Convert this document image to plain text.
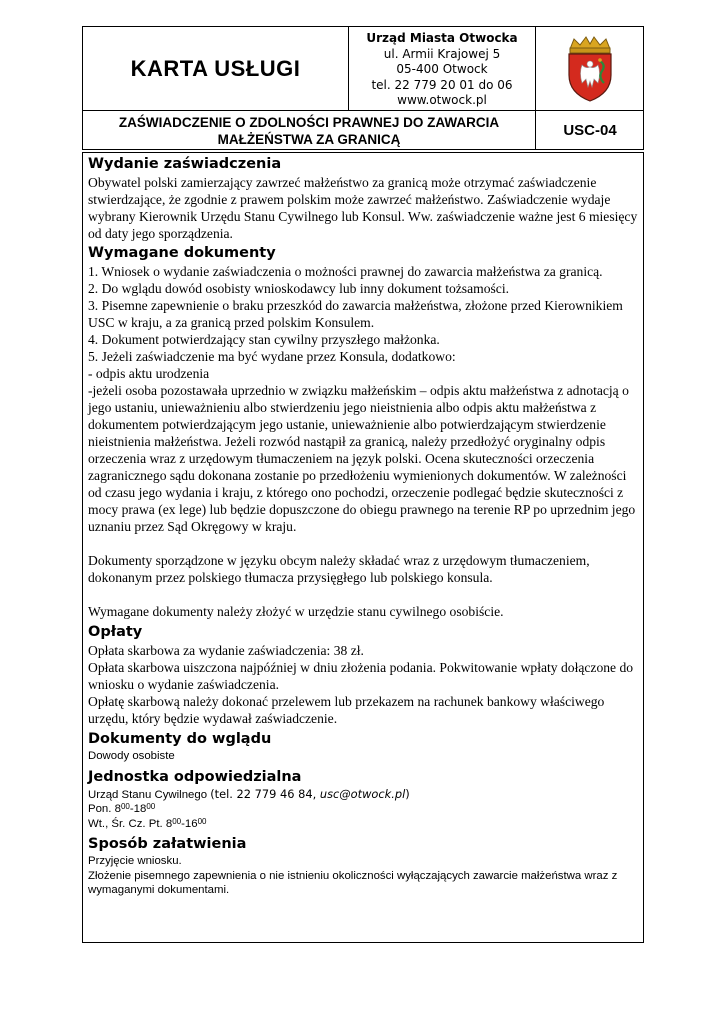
KARTA USŁUGI
Urząd Miasta Otwocka
ul. Armii Krajowej 5
05-400 Otwock
tel. 22 779 20 01 do 06
www.otwock.pl
ZAŚWIADCZENIE O ZDOLNOŚCI PRAWNEJ DO ZAWARCIA
MAŁŻEŃSTWA ZA GRANICĄ
USC-04
Wydanie zaświadczenia
Obywatel polski zamierzający zawrzeć małżeństwo za granicą może otrzymać zaświadczenie stwierdzające, że zgodnie z prawem polskim może zawrzeć małżeństwo. Zaświadczenie wydaje wybrany Kierownik Urzędu Stanu Cywilnego lub Konsul. Ww. zaświadczenie ważne jest 6 miesięcy od daty jego sporządzenia.
Wymagane dokumenty
1. Wniosek o wydanie zaświadczenia o możności prawnej do zawarcia małżeństwa za granicą.
2. Do wglądu dowód osobisty wnioskodawcy lub inny dokument tożsamości.
3. Pisemne zapewnienie o braku przeszkód do zawarcia małżeństwa, złożone przed Kierownikiem USC w kraju, a za granicą przed polskim Konsulem.
4. Dokument potwierdzający stan cywilny przyszłego małżonka.
5. Jeżeli zaświadczenie ma być wydane przez Konsula, dodatkowo:
- odpis aktu urodzenia
-jeżeli osoba pozostawała uprzednio w związku małżeńskim – odpis aktu małżeństwa z adnotacją o jego ustaniu, unieważnieniu albo stwierdzeniu jego nieistnienia albo odpis aktu małżeństwa z dokumentem potwierdzającym jego ustanie, unieważnienie albo potwierdzającym stwierdzenie nieistnienia małżeństwa. Jeżeli rozwód nastąpił za granicą, należy przedłożyć oryginalny odpis orzeczenia wraz z urzędowym tłumaczeniem na język polski. Ocena skuteczności orzeczenia zagranicznego sądu dokonana zostanie po przedłożeniu wymienionych dokumentów. W zależności od czasu jego wydania i kraju, z którego ono pochodzi, orzeczenie podlegać będzie skuteczności z mocy prawa (ex lege) lub będzie dopuszczone do obiegu prawnego na terenie RP po uprzednim jego uznaniu przez Sąd Okręgowy w kraju.
Dokumenty sporządzone w języku obcym należy składać wraz z urzędowym tłumaczeniem, dokonanym przez polskiego tłumacza przysięgłego lub polskiego konsula.
Wymagane dokumenty należy złożyć w urzędzie stanu cywilnego osobiście.
Opłaty
Opłata skarbowa za wydanie zaświadczenia: 38 zł.
Opłata skarbowa uiszczona najpóźniej w dniu złożenia podania. Pokwitowanie wpłaty dołączone do wniosku o wydanie zaświadczenia.
Opłatę skarbową należy dokonać przelewem lub przekazem na rachunek bankowy właściwego urzędu, który będzie wydawał zaświadczenie.
Dokumenty do wglądu
Dowody osobiste
Jednostka odpowiedzialna
Urząd Stanu Cywilnego (tel. 22 779 46 84, usc@otwock.pl)
Pon. $8^{00}-18^{00}$
Wt., Śr. Cz. Pt. $8^{00}-16^{00}$
Sposób załatwienia
Przyjęcie wniosku.
Złożenie pisemnego zapewnienia o nie istnieniu okoliczności wyłączających zawarcie małżeństwa wraz z wymaganymi dokumentami.
